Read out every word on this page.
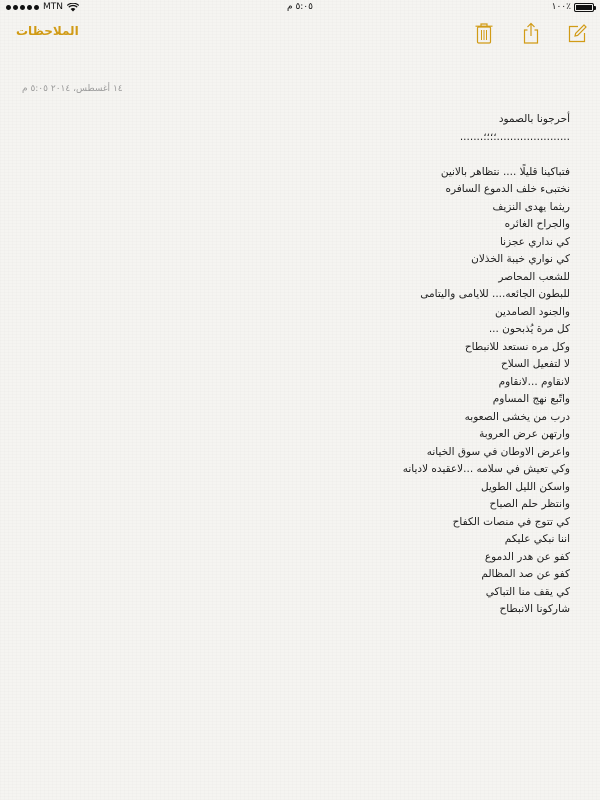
MTN	٥:٠٥ م	١٠٠٪
الملاحظات
١٤ أغسطس، ٢٠١٤ ٥:٠٥ م
أحرجونا بالصمود
......................؛؛؛؛.......
فتباكينا قليلًا .... نتظاهر بالانين
نختبىء خلف الدموع السافره
ريثما يهدى النزيف
والجراح الغائره
كي نداري عجزنا
كي نواري خيبة الخذلان
للشعب المحاصر
للبطون الجائعه.... للايامى واليتامى
والجنود الصامدين
كل مرة يُذبحون ...
وكل مره نستعد للانبطاح
لا لتفعيل السلاح
لانقاوم ...لانقاوم
واتّبع نهج المساوم
درب من يخشى الصعوبه
وارتهن عرض العروبة
واعرض الاوطان في سوق الخيانه
وكي تعيش في سلامه ...لاعقيده لاديانه
واسكن الليل الطويل
وانتظر حلم الصباح
كي تتوج في منصات الكفاح
اننا نبكي عليكم
كفو عن هدر الدموع
كفو عن صد المظالم
كي يقف منا التباكي
شاركونا الانبطاح
